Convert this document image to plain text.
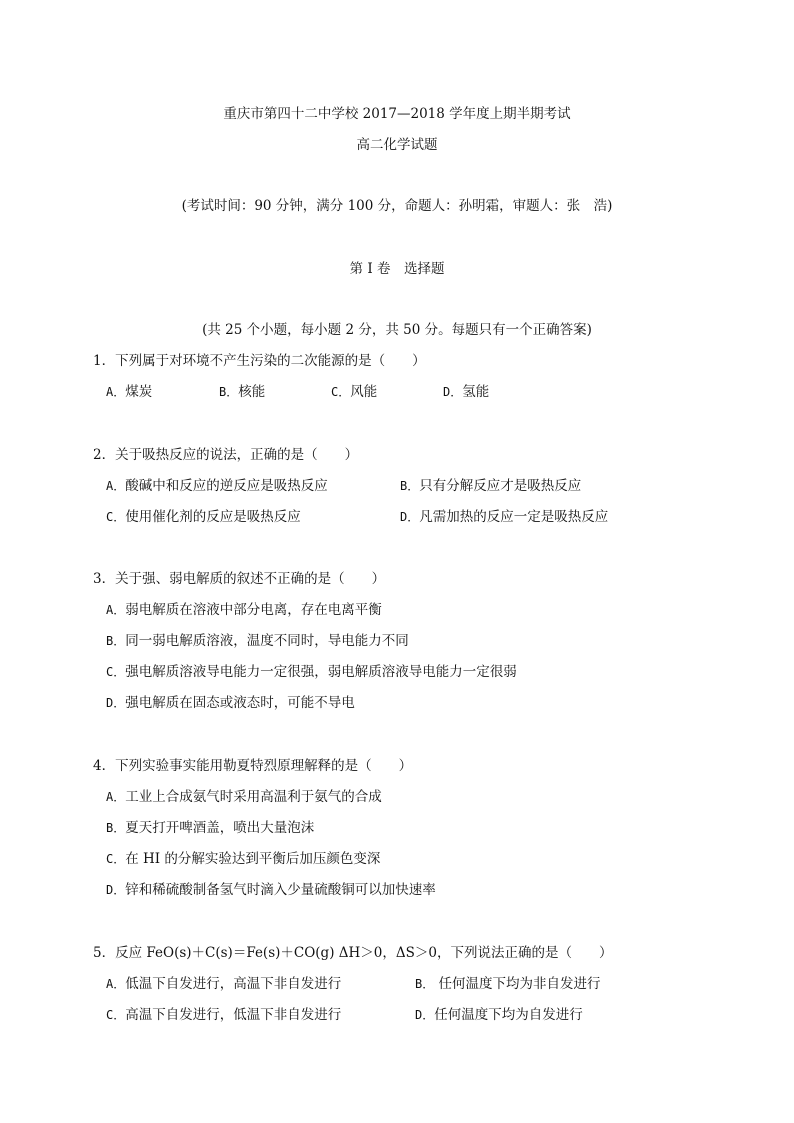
重庆市第四十二中学校 2017—2018 学年度上期半期考试
高二化学试题
(考试时间：90 分钟，满分 100 分，命题人：孙明霜，审题人：张　浩)
第 Ⅰ 卷　选择题
(共 25 个小题，每小题 2 分，共 50 分。每题只有一个正确答案)
1．下列属于对环境不产生污染的二次能源的是（　　）
A．煤炭	B．核能	C．风能	D．氢能
2．关于吸热反应的说法，正确的是（　　）
A．酸碱中和反应的逆反应是吸热反应	B．只有分解反应才是吸热反应
C．使用催化剂的反应是吸热反应	D．凡需加热的反应一定是吸热反应
3．关于强、弱电解质的叙述不正确的是（　　）
A．弱电解质在溶液中部分电离，存在电离平衡
B．同一弱电解质溶液，温度不同时，导电能力不同
C．强电解质溶液导电能力一定很强，弱电解质溶液导电能力一定很弱
D．强电解质在固态或液态时，可能不导电
4．下列实验事实能用勒夏特烈原理解释的是（　　）
A．工业上合成氨气时采用高温利于氨气的合成
B．夏天打开啤酒盖，喷出大量泡沫
C．在 HI 的分解实验达到平衡后加压颜色变深
D．锌和稀硫酸制备氢气时滴入少量硫酸铜可以加快速率
5．反应 FeO(s)＋C(s)＝Fe(s)＋CO(g) ΔH＞0，ΔS＞0，下列说法正确的是（　　）
A．低温下自发进行，高温下非自发进行	B． 任何温度下均为非自发进行
C．高温下自发进行，低温下非自发进行	D．任何温度下均为自发进行
